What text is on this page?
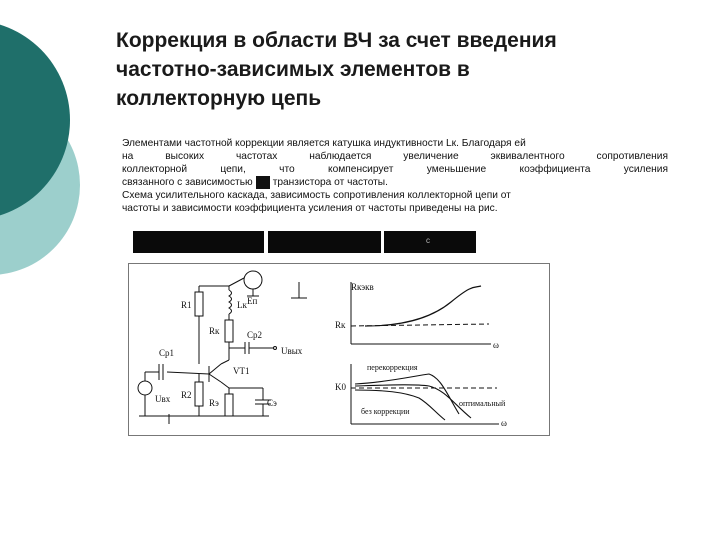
Коррекция в области ВЧ за счет введения
частотно-зависимых элементов в
коллекторную цепь
Элементами частотной коррекции является катушка индуктивности Lк. Благодаря ей
на высоких частотах наблюдается увеличение эквивалентного сопротивления
коллекторной цепи, что компенсирует уменьшение коэффициента усиления
связанного с зависимостью транзистора от частоты.
Схема усилительного каскада, зависимость сопротивления коллекторной цепи от
частоты и зависимости коэффициента усиления от частоты приведены на рис.
c
R1	Lк Eп
Rк
Cр1
Cр2
Uвых
VT1
Uвх R2
Rэ	Cэ
Rкэкв
Rк
ω
перекоррекция
K0
оптимальный
без коррекции
ω
